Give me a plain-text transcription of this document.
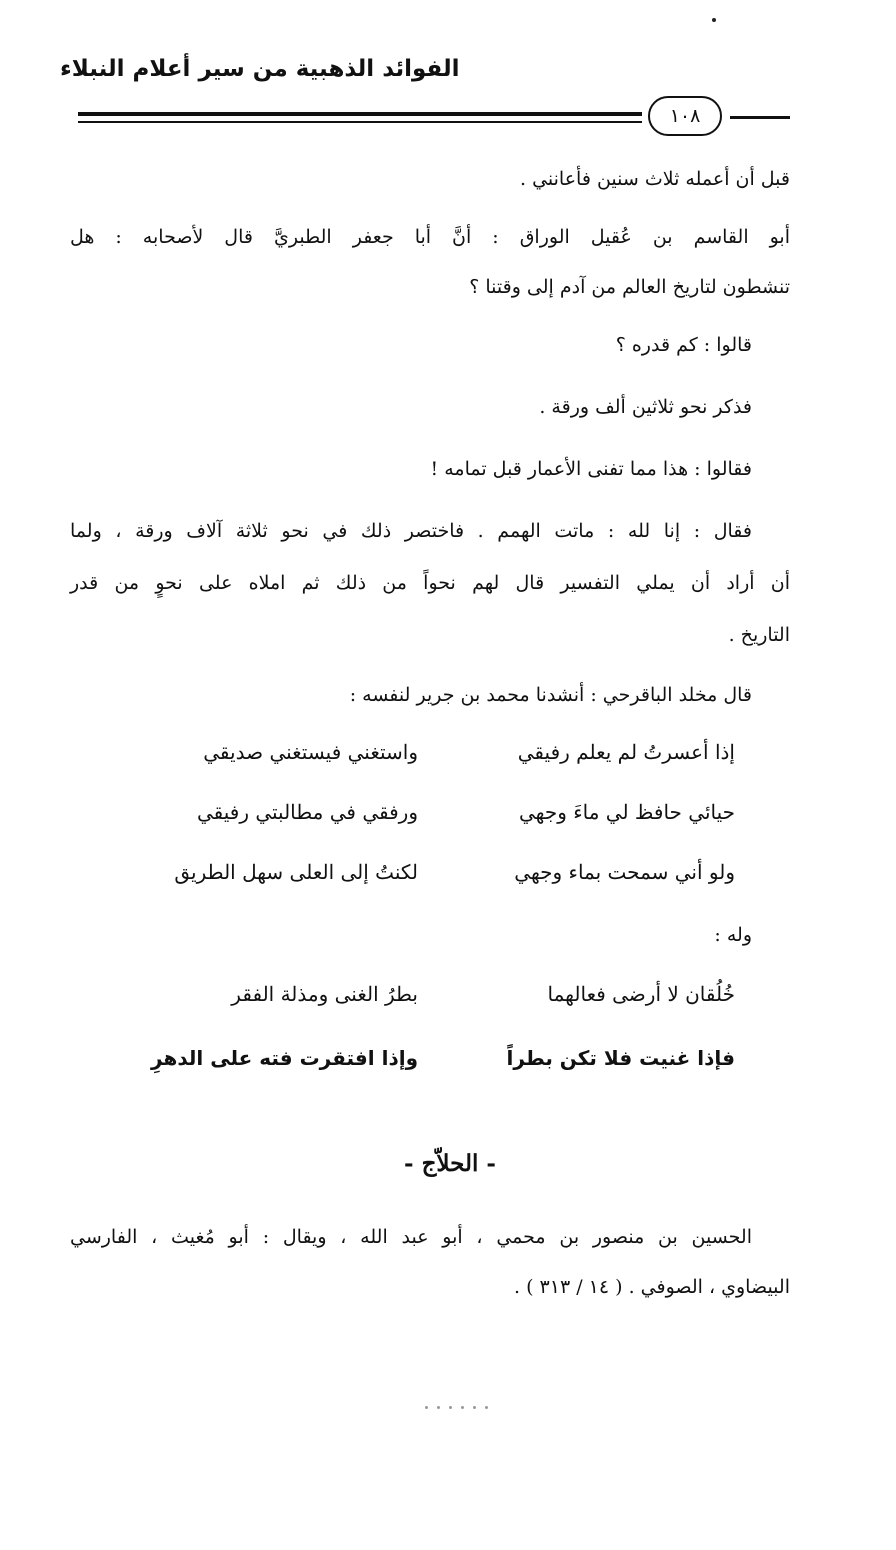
الفوائد الذهبية من سير أعلام النبلاء
١٠٨
قبل أن أعمله ثلاث سنين فأعانني .
أبو القاسم بن عُقيل الوراق : أنَّ أبا جعفر الطبريَّ قال لأصحابه : هل
تنشطون لتاريخ العالم من آدم إلى وقتنا ؟
قالوا : كم قدره ؟
فذكر نحو ثلاثين ألف ورقة .
فقالوا : هذا مما تفنى الأعمار قبل تمامه !
فقال : إنا لله : ماتت الهمم . فاختصر ذلك في نحو ثلاثة آلاف ورقة ، ولما
أن أراد أن يملي التفسير قال لهم نحواً من ذلك ثم املاه على نحوٍ من قدر
التاريخ .
قال مخلد الباقرحي : أنشدنا محمد بن جرير لنفسه :
إذا أعسرتُ لم يعلم رفيقي
واستغني فيستغني صديقي
حيائي حافظ لي ماءَ وجهي
ورفقي في مطالبتي رفيقي
ولو أني سمحت بماء وجهي
لكنتُ إلى العلى سهل الطريق
وله :
خُلُقان لا أرضى فعالهما
بطرُ الغنى ومذلة الفقر
فإذا غنيت فلا تكن بطراً
وإذا افتقرت فته على الدهرِ
- الحلاّج -
الحسين بن منصور بن محمي ، أبو عبد الله ، ويقال : أبو مُغيث ، الفارسي
البيضاوي ، الصوفي . ( ١٤ / ٣١٣ ) .
